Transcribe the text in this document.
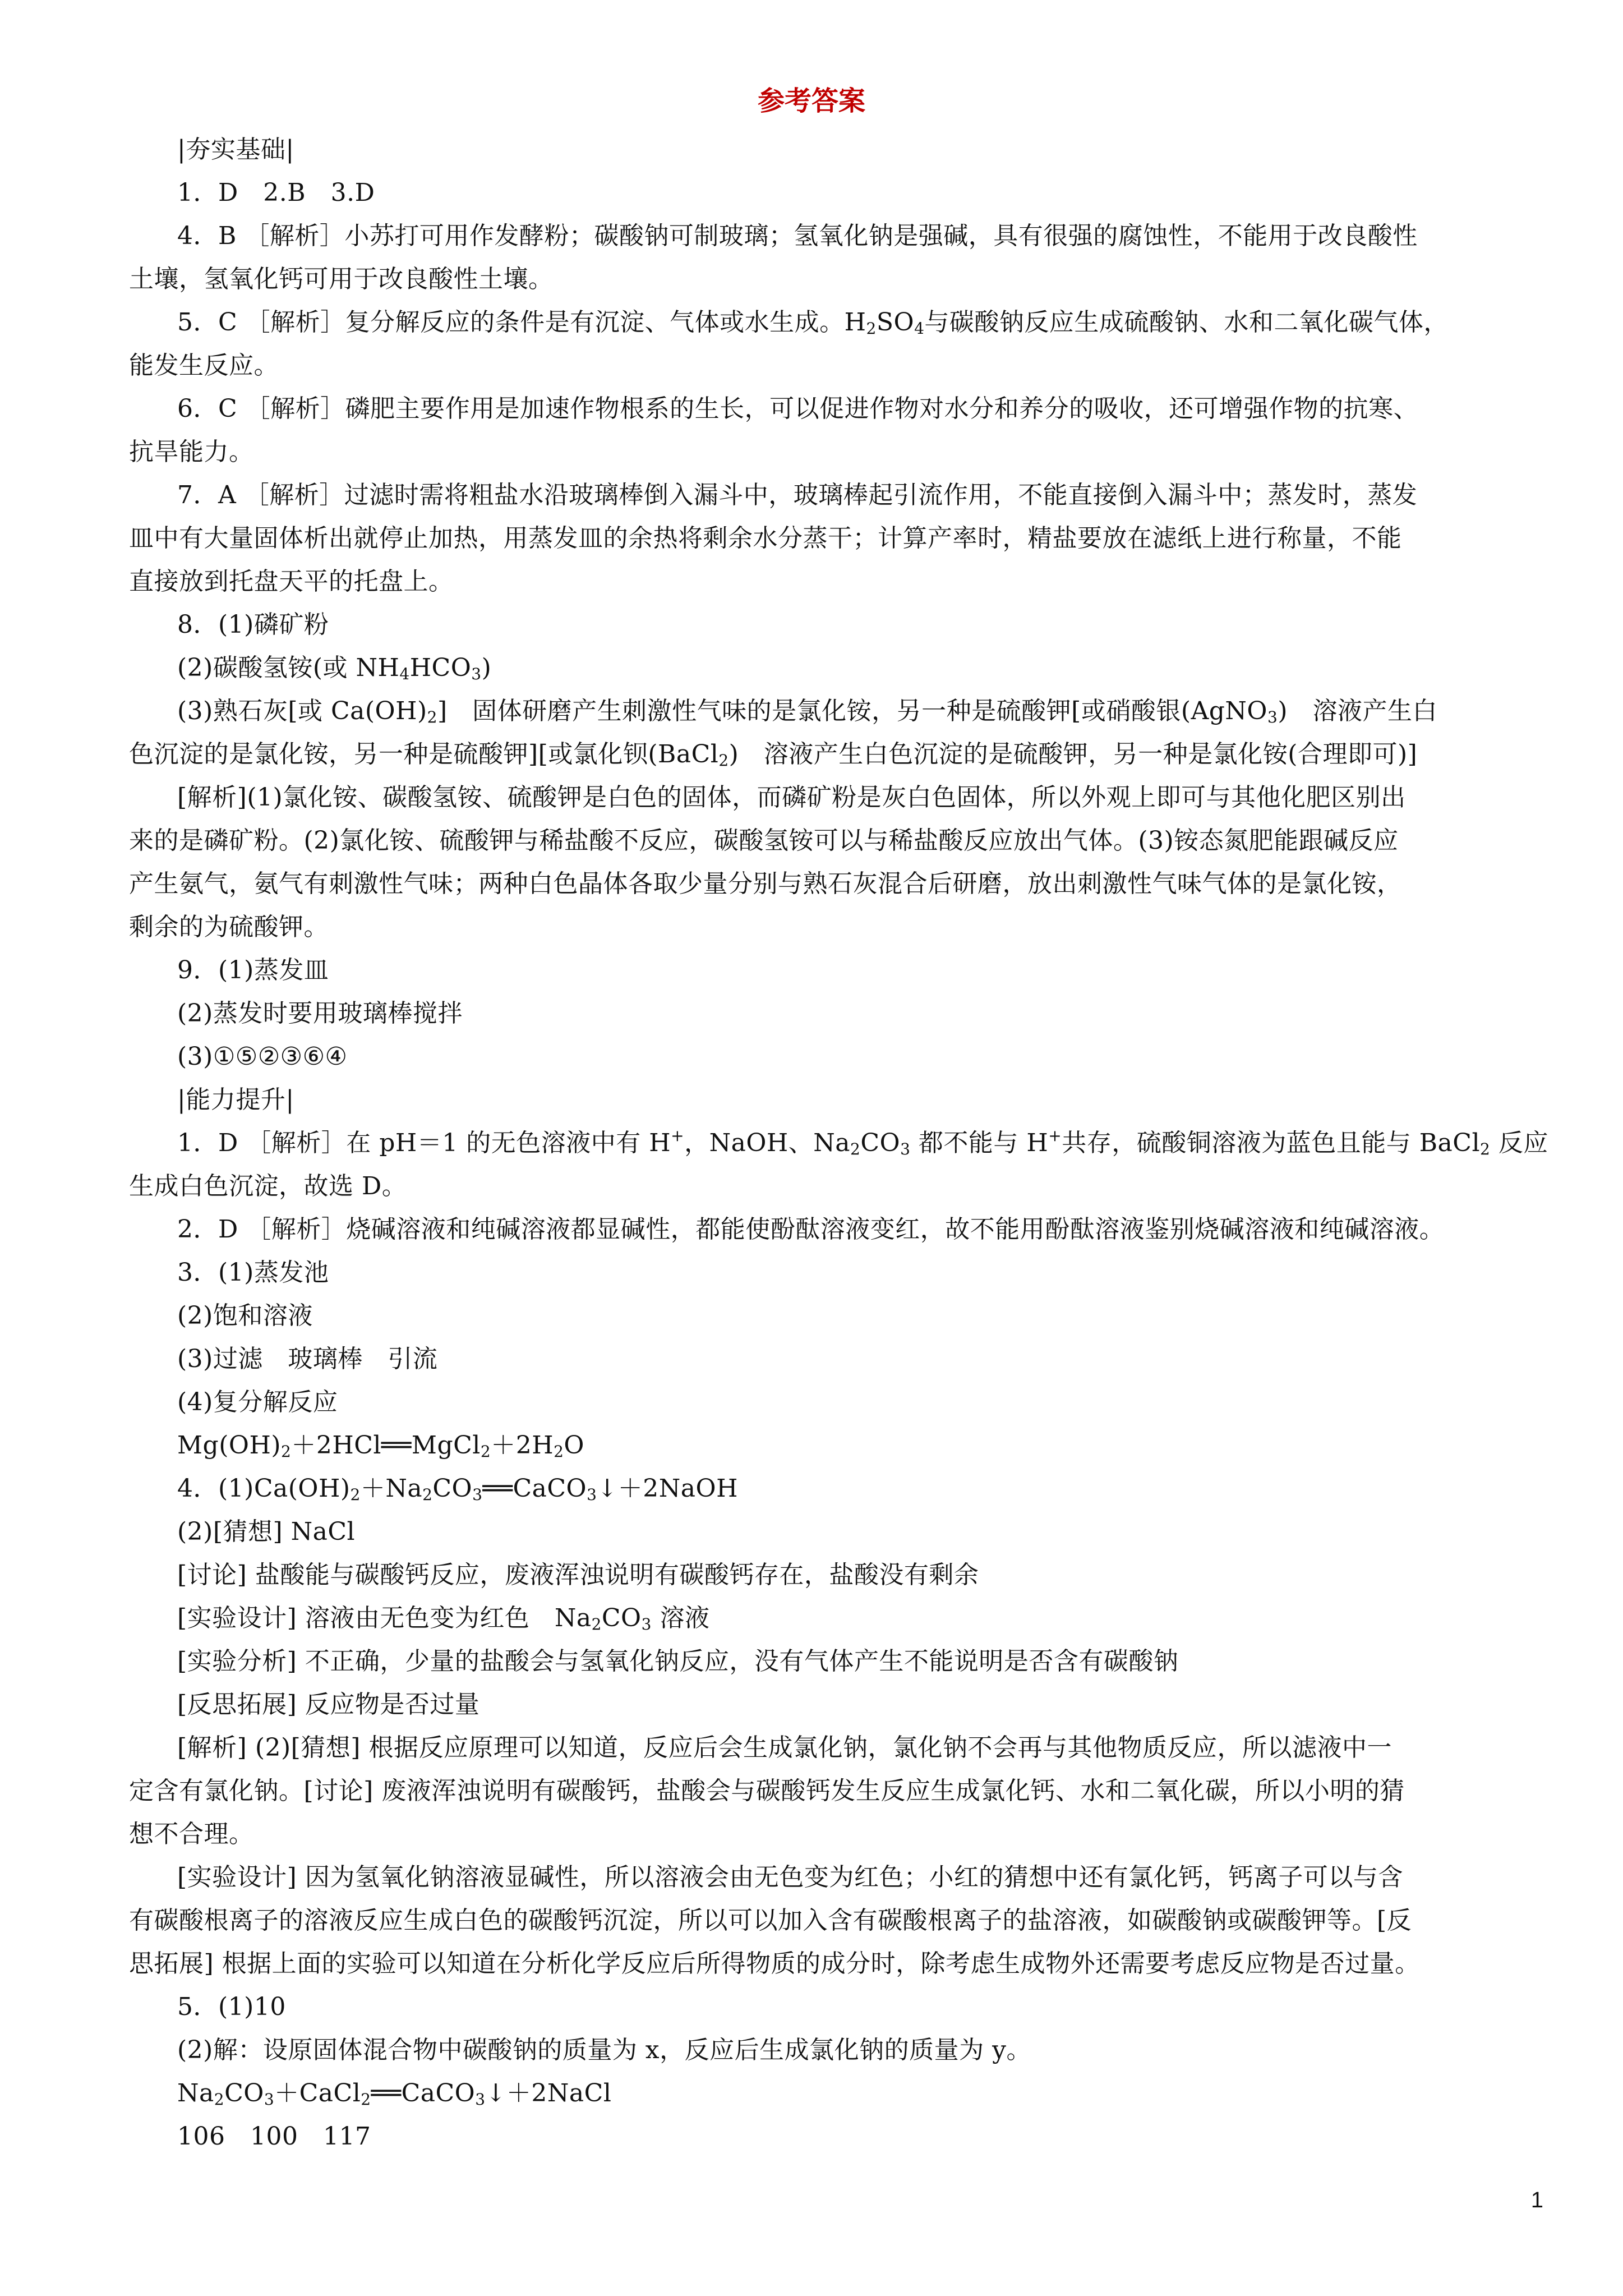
参考答案
|夯实基础|
1．D　2.B　3.D
4．B ［解析］小苏打可用作发酵粉；碳酸钠可制玻璃；氢氧化钠是强碱，具有很强的腐蚀性，不能用于改良酸性
土壤，氢氧化钙可用于改良酸性土壤。
5．C ［解析］复分解反应的条件是有沉淀、气体或水生成。$H_2SO_4$与碳酸钠反应生成硫酸钠、水和二氧化碳气体，
能发生反应。
6．C ［解析］磷肥主要作用是加速作物根系的生长，可以促进作物对水分和养分的吸收，还可增强作物的抗寒、
抗旱能力。
7．A ［解析］过滤时需将粗盐水沿玻璃棒倒入漏斗中，玻璃棒起引流作用，不能直接倒入漏斗中；蒸发时，蒸发
皿中有大量固体析出就停止加热，用蒸发皿的余热将剩余水分蒸干；计算产率时，精盐要放在滤纸上进行称量，不能
直接放到托盘天平的托盘上。
8．(1)磷矿粉
(2)碳酸氢铵(或 $NH_4HCO_3$)
(3)熟石灰[或 $Ca(OH)_2$]　固体研磨产生刺激性气味的是氯化铵，另一种是硫酸钾[或硝酸银(AgNO$_3$)　溶液产生白
色沉淀的是氯化铵，另一种是硫酸钾][或氯化钡(BaCl$_2$)　溶液产生白色沉淀的是硫酸钾，另一种是氯化铵(合理即可)]
[解析](1)氯化铵、碳酸氢铵、硫酸钾是白色的固体，而磷矿粉是灰白色固体，所以外观上即可与其他化肥区别出
来的是磷矿粉。(2)氯化铵、硫酸钾与稀盐酸不反应，碳酸氢铵可以与稀盐酸反应放出气体。(3)铵态氮肥能跟碱反应
产生氨气，氨气有刺激性气味；两种白色晶体各取少量分别与熟石灰混合后研磨，放出刺激性气味气体的是氯化铵，
剩余的为硫酸钾。
9．(1)蒸发皿
(2)蒸发时要用玻璃棒搅拌
(3)①⑤②③⑥④
|能力提升|
1．D ［解析］在 pH＝1 的无色溶液中有 H+，NaOH、$Na_2CO_3$ 都不能与 H+共存，硫酸铜溶液为蓝色且能与 BaCl$_2$ 反应
生成白色沉淀，故选 D。
2．D ［解析］烧碱溶液和纯碱溶液都显碱性，都能使酚酞溶液变红，故不能用酚酞溶液鉴别烧碱溶液和纯碱溶液。
3．(1)蒸发池
(2)饱和溶液
(3)过滤　玻璃棒　引流
(4)复分解反应
$Mg(OH)_2+2HCl══MgCl_2+2H_2O$
4．$(1)Ca(OH)_2+Na_2CO_3══CaCO_3↓+2NaOH$
(2)[猜想] NaCl
[讨论] 盐酸能与碳酸钙反应，废液浑浊说明有碳酸钙存在，盐酸没有剩余
[实验设计] 溶液由无色变为红色　$Na_2CO_3$ 溶液
[实验分析] 不正确，少量的盐酸会与氢氧化钠反应，没有气体产生不能说明是否含有碳酸钠
[反思拓展] 反应物是否过量
[解析] (2)[猜想] 根据反应原理可以知道，反应后会生成氯化钠，氯化钠不会再与其他物质反应，所以滤液中一
定含有氯化钠。[讨论] 废液浑浊说明有碳酸钙，盐酸会与碳酸钙发生反应生成氯化钙、水和二氧化碳，所以小明的猜
想不合理。
[实验设计] 因为氢氧化钠溶液显碱性，所以溶液会由无色变为红色；小红的猜想中还有氯化钙，钙离子可以与含
有碳酸根离子的溶液反应生成白色的碳酸钙沉淀，所以可以加入含有碳酸根离子的盐溶液，如碳酸钠或碳酸钾等。[反
思拓展] 根据上面的实验可以知道在分析化学反应后所得物质的成分时，除考虑生成物外还需要考虑反应物是否过量。
5．(1)10
(2)解：设原固体混合物中碳酸钠的质量为 x，反应后生成氯化钠的质量为 y。
$Na_2CO_3+CaCl_2══CaCO_3↓+2NaCl$
106　100　117
1
